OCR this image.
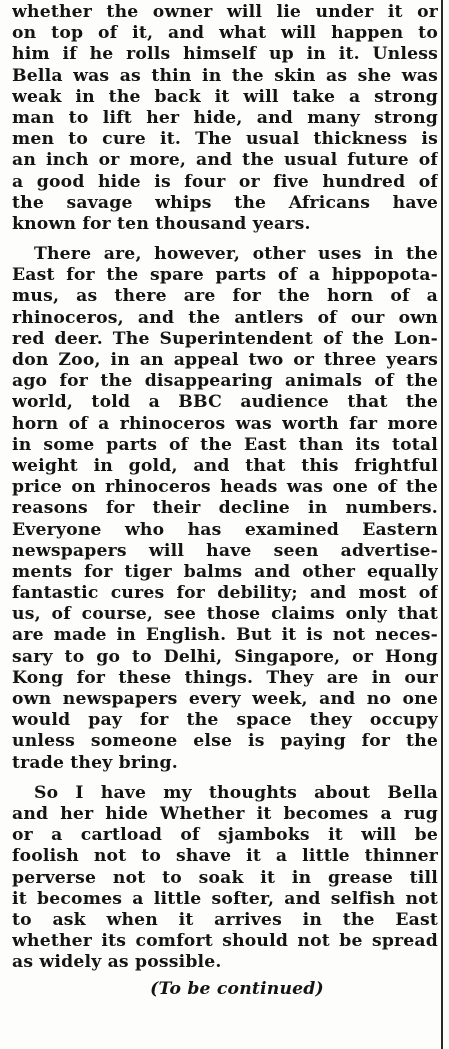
whether the owner will lie under it or
on top of it, and what will happen to
him if he rolls himself up in it. Unless
Bella was as thin in the skin as she was
weak in the back it will take a strong
man to lift her hide, and many strong
men to cure it. The usual thickness is
an inch or more, and the usual future of
a good hide is four or five hundred of
the savage whips the Africans have
known for ten thousand years.
There are, however, other uses in the
East for the spare parts of a hippopota-
mus, as there are for the horn of a
rhinoceros, and the antlers of our own
red deer. The Superintendent of the Lon-
don Zoo, in an appeal two or three years
ago for the disappearing animals of the
world, told a BBC audience that the
horn of a rhinoceros was worth far more
in some parts of the East than its total
weight in gold, and that this frightful
price on rhinoceros heads was one of the
reasons for their decline in numbers.
Everyone who has examined Eastern
newspapers will have seen advertise-
ments for tiger balms and other equally
fantastic cures for debility; and most of
us, of course, see those claims only that
are made in English. But it is not neces-
sary to go to Delhi, Singapore, or Hong
Kong for these things. They are in our
own newspapers every week, and no one
would pay for the space they occupy
unless someone else is paying for the
trade they bring.
So I have my thoughts about Bella
and her hide Whether it becomes a rug
or a cartload of sjamboks it will be
foolish not to shave it a little thinner
perverse not to soak it in grease till
it becomes a little softer, and selfish not
to ask when it arrives in the East
whether its comfort should not be spread
as widely as possible.
(To be continued)
